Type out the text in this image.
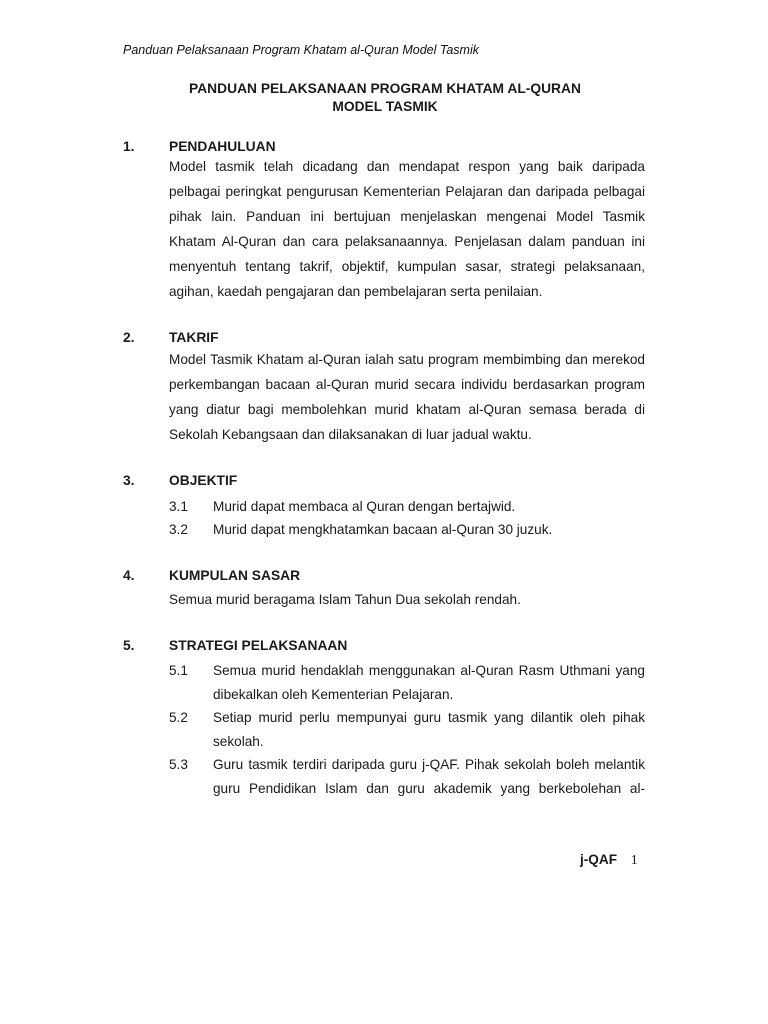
Panduan Pelaksanaan Program Khatam al-Quran Model Tasmik
PANDUAN PELAKSANAAN PROGRAM KHATAM AL-QURAN
MODEL TASMIK
1. PENDAHULUAN
Model tasmik telah dicadang dan mendapat respon yang baik daripada pelbagai peringkat pengurusan Kementerian Pelajaran dan daripada pelbagai pihak lain. Panduan ini bertujuan menjelaskan mengenai Model Tasmik Khatam Al-Quran dan cara pelaksanaannya. Penjelasan dalam panduan ini menyentuh tentang takrif, objektif, kumpulan sasar, strategi pelaksanaan, agihan, kaedah pengajaran dan pembelajaran serta penilaian.
2. TAKRIF
Model Tasmik Khatam al-Quran ialah satu program membimbing dan merekod perkembangan bacaan al-Quran murid secara individu berdasarkan program yang diatur bagi membolehkan murid khatam al-Quran semasa berada di Sekolah Kebangsaan dan dilaksanakan di luar jadual waktu.
3. OBJEKTIF
3.1 Murid dapat membaca al Quran dengan bertajwid.
3.2 Murid dapat mengkhatamkan bacaan al-Quran 30 juzuk.
4. KUMPULAN SASAR
Semua murid beragama Islam Tahun Dua sekolah rendah.
5. STRATEGI PELAKSANAAN
5.1 Semua murid hendaklah menggunakan al-Quran Rasm Uthmani yang dibekalkan oleh Kementerian Pelajaran.
5.2 Setiap murid perlu mempunyai guru tasmik yang dilantik oleh pihak sekolah.
5.3 Guru tasmik terdiri daripada guru j-QAF. Pihak sekolah boleh melantik guru Pendidikan Islam dan guru akademik yang berkebolehan al-
j-QAF 1
